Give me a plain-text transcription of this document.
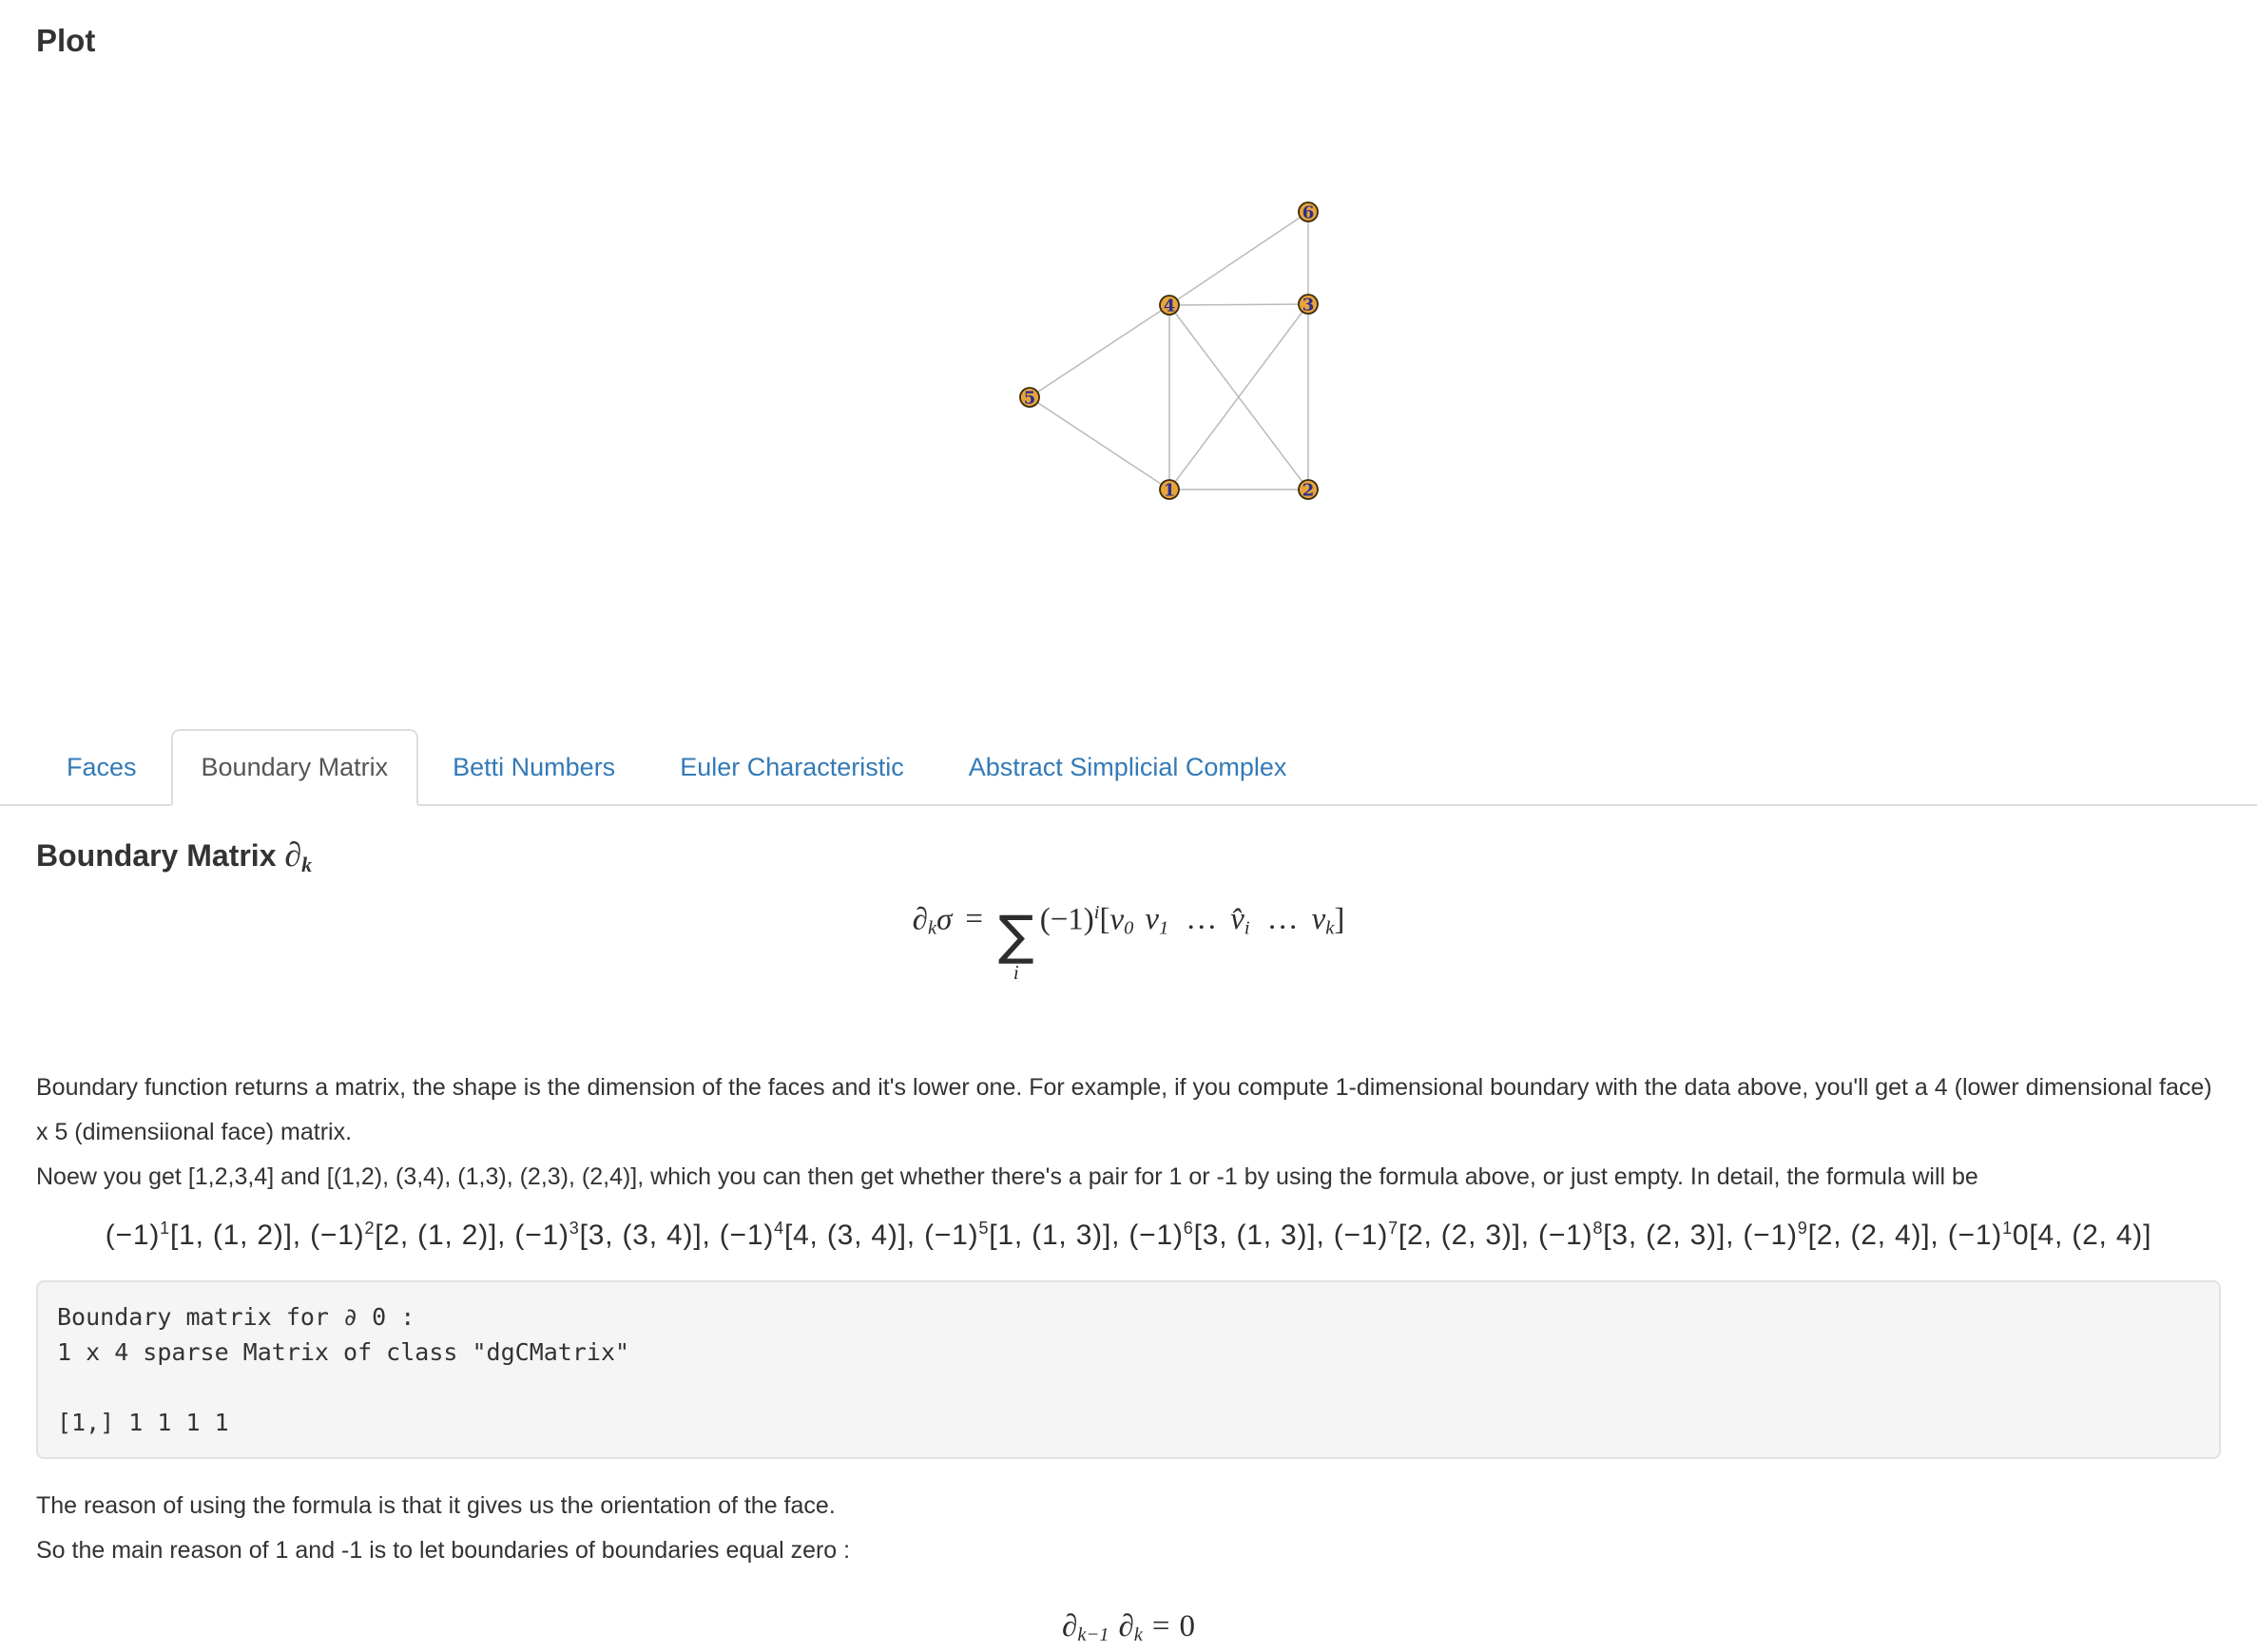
Plot
1	2
3
4
5
6
Faces	Boundary Matrix	Betti Numbers	Euler Characteristic	Abstract Simplicial Complex
Boundary Matrix $\partial_k$
$\partial_k\sigma$ = ∑
i
$(-1)^i[v_0$ $v_1$ … $v̂_i$ … $v_k$]
Boundary function returns a matrix, the shape is the dimension of the faces and it's lower one. For example, if you compute 1-dimensional boundary with the data above, you'll get a 4 (lower dimensional face) x 5 (dimensiional face) matrix.
Noew you get [1,2,3,4] and [(1,2), (3,4), (1,3), (2,3), (2,4)], which you can then get whether there's a pair for 1 or -1 by using the formula above, or just empty. In detail, the formula will be
$(-1)^1[1$, (1, 2)], $(-1)^2[2$, (1, 2)], $(-1)^3[3$, (3, 4)], $(-1)^4[4$, (3, 4)], $(-1)^5[1$, (1, 3)], $(-1)^6[3$, (1, 3)], $(-1)^7[2$, (2, 3)], $(-1)^8[3$, (2, 3)], $(-1)^9[2$, (2, 4)], $(-1)^10[4$, (2, 4)]
Boundary matrix for ∂ 0 :
1 x 4 sparse Matrix of class "dgCMatrix"

[1,] 1 1 1 1
The reason of using the formula is that it gives us the orientation of the face.
So the main reason of 1 and -1 is to let boundaries of boundaries equal zero :
$\partial_{k-1}$ $\partial_k = 0$
